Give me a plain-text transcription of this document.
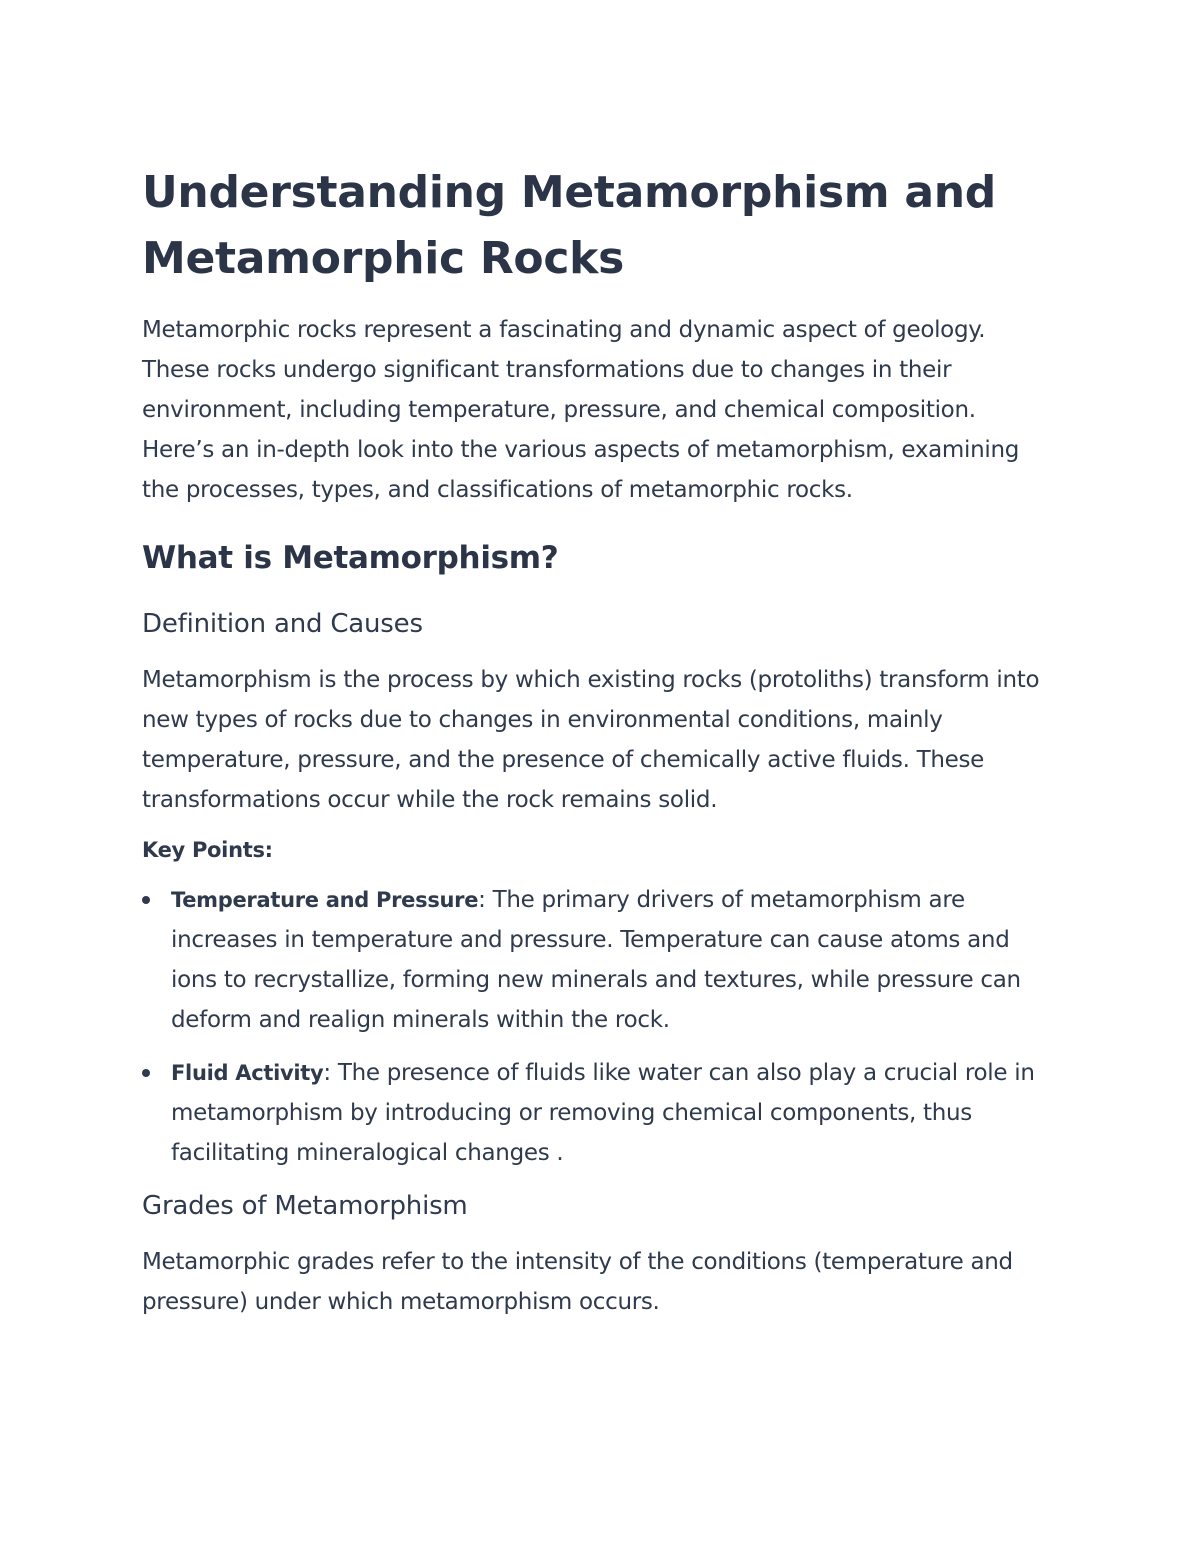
Understanding Metamorphism and Metamorphic Rocks

Metamorphic rocks represent a fascinating and dynamic aspect of geology. These rocks undergo significant transformations due to changes in their environment, including temperature, pressure, and chemical composition. Here’s an in-depth look into the various aspects of metamorphism, examining the processes, types, and classifications of metamorphic rocks.

What is Metamorphism?
Definition and Causes

Metamorphism is the process by which existing rocks (protoliths) transform into new types of rocks due to changes in environmental conditions, mainly temperature, pressure, and the presence of chemically active fluids. These transformations occur while the rock remains solid.

Key Points:
Temperature and Pressure: The primary drivers of metamorphism are increases in temperature and pressure. Temperature can cause atoms and ions to recrystallize, forming new minerals and textures, while pressure can deform and realign minerals within the rock.
Fluid Activity: The presence of fluids like water can also play a crucial role in metamorphism by introducing or removing chemical components, thus facilitating mineralogical changes .
Grades of Metamorphism

Metamorphic grades refer to the intensity of the conditions (temperature and pressure) under which metamorphism occurs.
